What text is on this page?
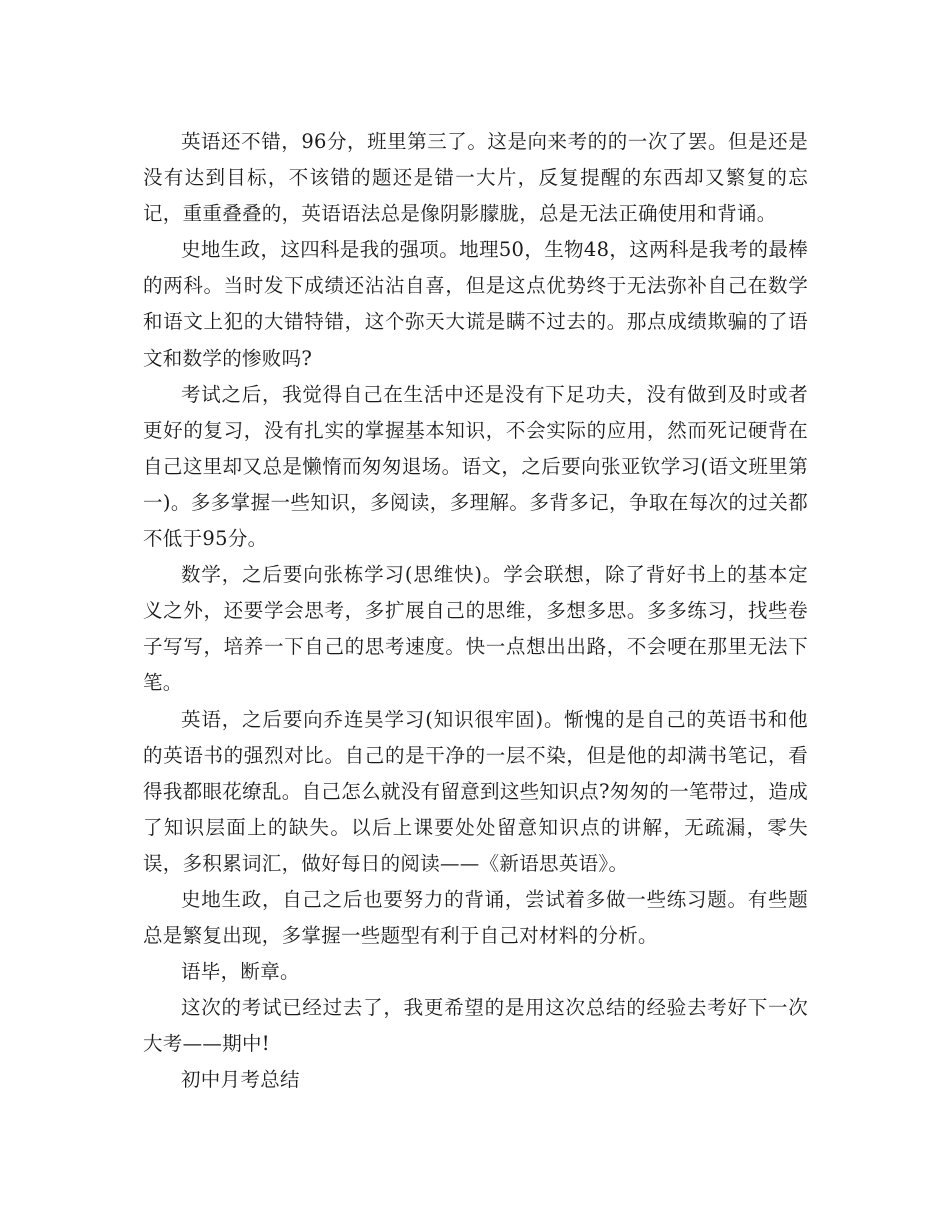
英语还不错，96分，班里第三了。这是向来考的的一次了罢。但是还是没有达到目标，不该错的题还是错一大片，反复提醒的东西却又繁复的忘记，重重叠叠的，英语语法总是像阴影朦胧，总是无法正确使用和背诵。

史地生政，这四科是我的强项。地理50，生物48，这两科是我考的最棒的两科。当时发下成绩还沾沾自喜，但是这点优势终于无法弥补自己在数学和语文上犯的大错特错，这个弥天大谎是瞒不过去的。那点成绩欺骗的了语文和数学的惨败吗?

考试之后，我觉得自己在生活中还是没有下足功夫，没有做到及时或者更好的复习，没有扎实的掌握基本知识，不会实际的应用，然而死记硬背在自己这里却又总是懒惰而匆匆退场。语文，之后要向张亚钦学习(语文班里第一)。多多掌握一些知识，多阅读，多理解。多背多记，争取在每次的过关都不低于95分。

数学，之后要向张栋学习(思维快)。学会联想，除了背好书上的基本定义之外，还要学会思考，多扩展自己的思维，多想多思。多多练习，找些卷子写写，培养一下自己的思考速度。快一点想出出路，不会哽在那里无法下笔。

英语，之后要向乔连昊学习(知识很牢固)。惭愧的是自己的英语书和他的英语书的强烈对比。自己的是干净的一层不染，但是他的却满书笔记，看得我都眼花缭乱。自己怎么就没有留意到这些知识点?匆匆的一笔带过，造成了知识层面上的缺失。以后上课要处处留意知识点的讲解，无疏漏，零失误，多积累词汇，做好每日的阅读——《新语思英语》。

史地生政，自己之后也要努力的背诵，尝试着多做一些练习题。有些题总是繁复出现，多掌握一些题型有利于自己对材料的分析。

语毕，断章。

这次的考试已经过去了，我更希望的是用这次总结的经验去考好下一次大考——期中!

初中月考总结
